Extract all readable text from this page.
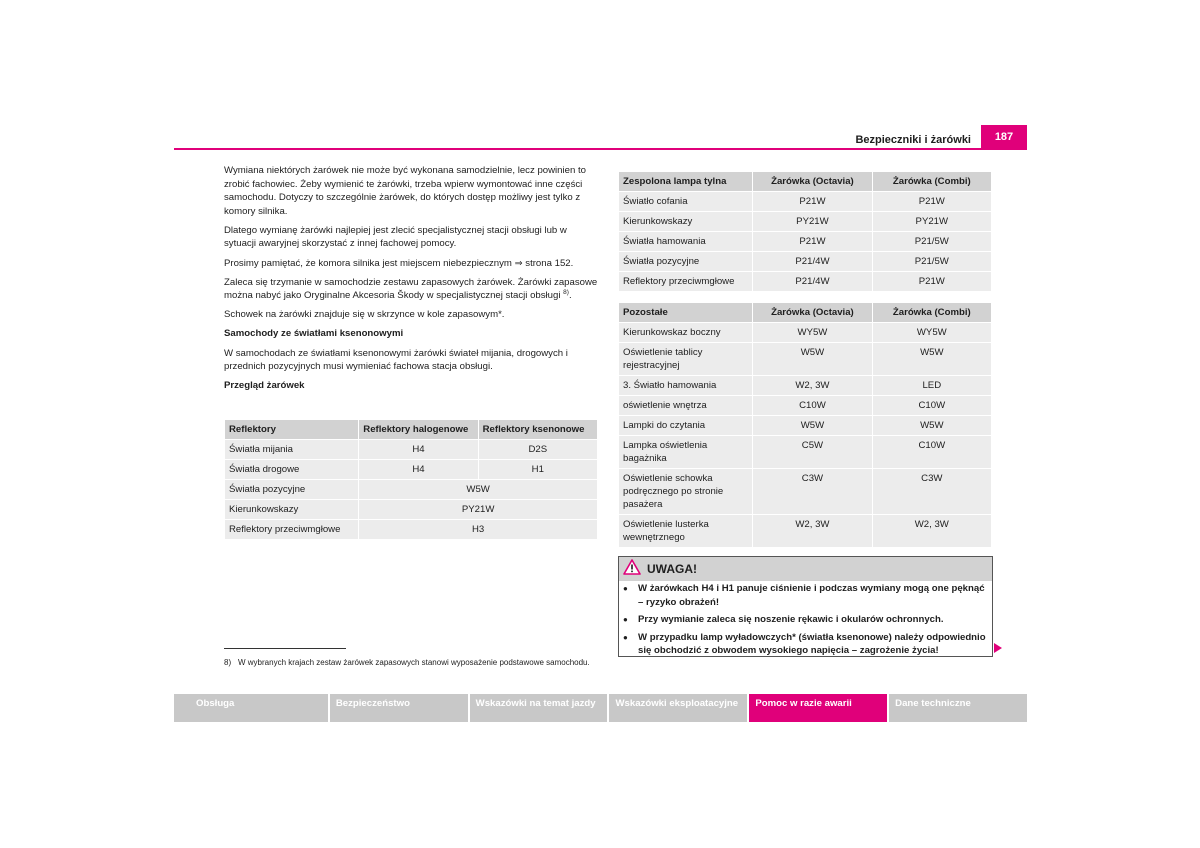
Bezpieczniki i żarówki	187

Wymiana niektórych żarówek nie może być wykonana samodzielnie, lecz powinien to zrobić fachowiec. Żeby wymienić te żarówki, trzeba wpierw wymontować inne części samochodu. Dotyczy to szczególnie żarówek, do których dostęp możliwy jest tylko z komory silnika.

Dlatego wymianę żarówki najlepiej jest zlecić specjalistycznej stacji obsługi lub w sytuacji awaryjnej skorzystać z innej fachowej pomocy.

Prosimy pamiętać, że komora silnika jest miejscem niebezpiecznym ⇒ strona 152.

Zaleca się trzymanie w samochodzie zestawu zapasowych żarówek. Żarówki zapasowe można nabyć jako Oryginalne Akcesoria Škody w specjalistycznej stacji obsługi $^{8)}$.

Schowek na żarówki znajduje się w skrzynce w kole zapasowym*.

Samochody ze światłami ksenonowymi

W samochodach ze światłami ksenonowymi żarówki świateł mijania, drogowych i przednich pozycyjnych musi wymieniać fachowa stacja obsługi.

Przegląd żarówek

Reflektory	Reflektory halogenowe	Reflektory ksenonowe
Światła mijania	H4	D2S
Światła drogowe	H4	H1
Światła pozycyjne	W5W	
Kierunkowskazy	PY21W	
Reflektory przeciwmgłowe	H3	
Zespolona lampa tylna	Żarówka (Octavia)	Żarówka (Combi)
Światło cofania	P21W	P21W
Kierunkowskazy	PY21W	PY21W
Światła hamowania	P21W	P21/5W
Światła pozycyjne	P21/4W	P21/5W
Reflektory przeciwmgłowe	P21/4W	P21W
Pozostałe	Żarówka (Octavia)	Żarówka (Combi)
Kierunkowskaz boczny	WY5W	WY5W
Oświetlenie tablicy rejestracyjnej	W5W	W5W
3. Światło hamowania	W2, 3W	LED
oświetlenie wnętrza	C10W	C10W
Lampki do czytania	W5W	W5W
Lampka oświetlenia bagażnika	C5W	C10W
Oświetlenie schowka podręcznego po stronie pasażera	C3W	C3W
Oświetlenie lusterka wewnętrznego	W2, 3W	W2, 3W
UWAGA!
● W żarówkach H4 i H1 panuje ciśnienie i podczas wymiany mogą one pęknąć – ryzyko obrażeń!
● Przy wymianie zaleca się noszenie rękawic i okularów ochronnych.
● W przypadku lamp wyładowczych* (światła ksenonowe) należy odpowiednio się obchodzić z obwodem wysokiego napięcia – zagrożenie życia!
8) W wybranych krajach zestaw żarówek zapasowych stanowi wyposażenie podstawowe samochodu.
Obsługa	Bezpieczeństwo	Wskazówki na temat jazdy	Wskazówki eksploatacyjne	Pomoc w razie awarii	Dane techniczne
